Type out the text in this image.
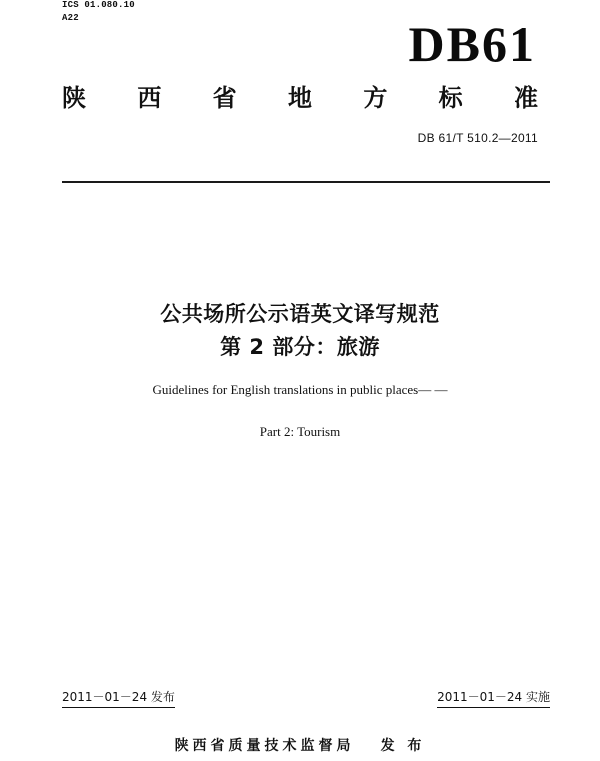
ICS 01.080.10
A22	DB61
陕 西 省 地 方 标 准
DB 61/T 510.2—2011
公共场所公示语英文译写规范
第 2 部分：旅游
Guidelines for English translations in public places— —
Part 2: Tourism
2011－01－24 发布	2011－01－24 实施
陕西省质量技术监督局 发 布
